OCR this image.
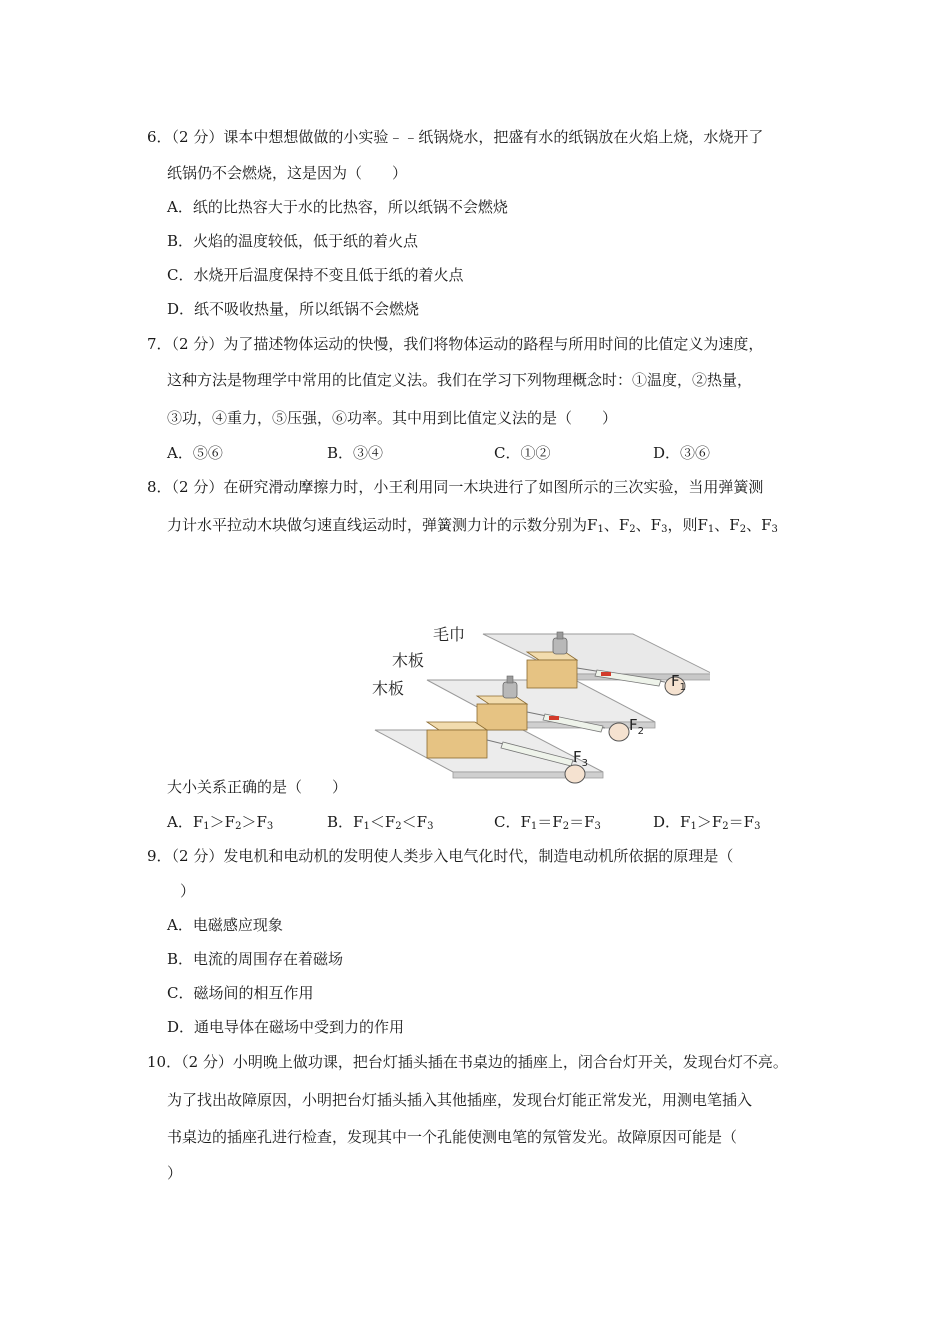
6．（2 分）课本中想想做做的小实验﹣﹣纸锅烧水，把盛有水的纸锅放在火焰上烧，水烧开了
纸锅仍不会燃烧，这是因为（　　）
A．纸的比热容大于水的比热容，所以纸锅不会燃烧
B．火焰的温度较低，低于纸的着火点
C．水烧开后温度保持不变且低于纸的着火点
D．纸不吸收热量，所以纸锅不会燃烧
7．（2 分）为了描述物体运动的快慢，我们将物体运动的路程与所用时间的比值定义为速度，
这种方法是物理学中常用的比值定义法。我们在学习下列物理概念时：①温度，②热量，
③功，④重力，⑤压强，⑥功率。其中用到比值定义法的是（　　）
A．⑤⑥	B．③④	C．①②	D．③⑥
8．（2 分）在研究滑动摩擦力时，小王利用同一木块进行了如图所示的三次实验，当用弹簧测
力计水平拉动木块做匀速直线运动时，弹簧测力计的示数分别为$F_1$、$F_2$、$F_3$，则$F_1$、$F_2$、$F_3$
毛巾
木板
木板	$F_1$
$F_2$
$F_3$
大小关系正确的是（　　）
A．$F_1>F_2>F_3$	B．$F_1<F_2<F_3$	C．$F_1=F_2=F_3$	D．$F_1>F_2=F_3$
9．（2 分）发电机和电动机的发明使人类步入电气化时代，制造电动机所依据的原理是（
）
A．电磁感应现象
B．电流的周围存在着磁场
C．磁场间的相互作用
D．通电导体在磁场中受到力的作用
10．（2 分）小明晚上做功课，把台灯插头插在书桌边的插座上，闭合台灯开关，发现台灯不亮。
为了找出故障原因，小明把台灯插头插入其他插座，发现台灯能正常发光，用测电笔插入
书桌边的插座孔进行检查，发现其中一个孔能使测电笔的氖管发光。故障原因可能是（
）
